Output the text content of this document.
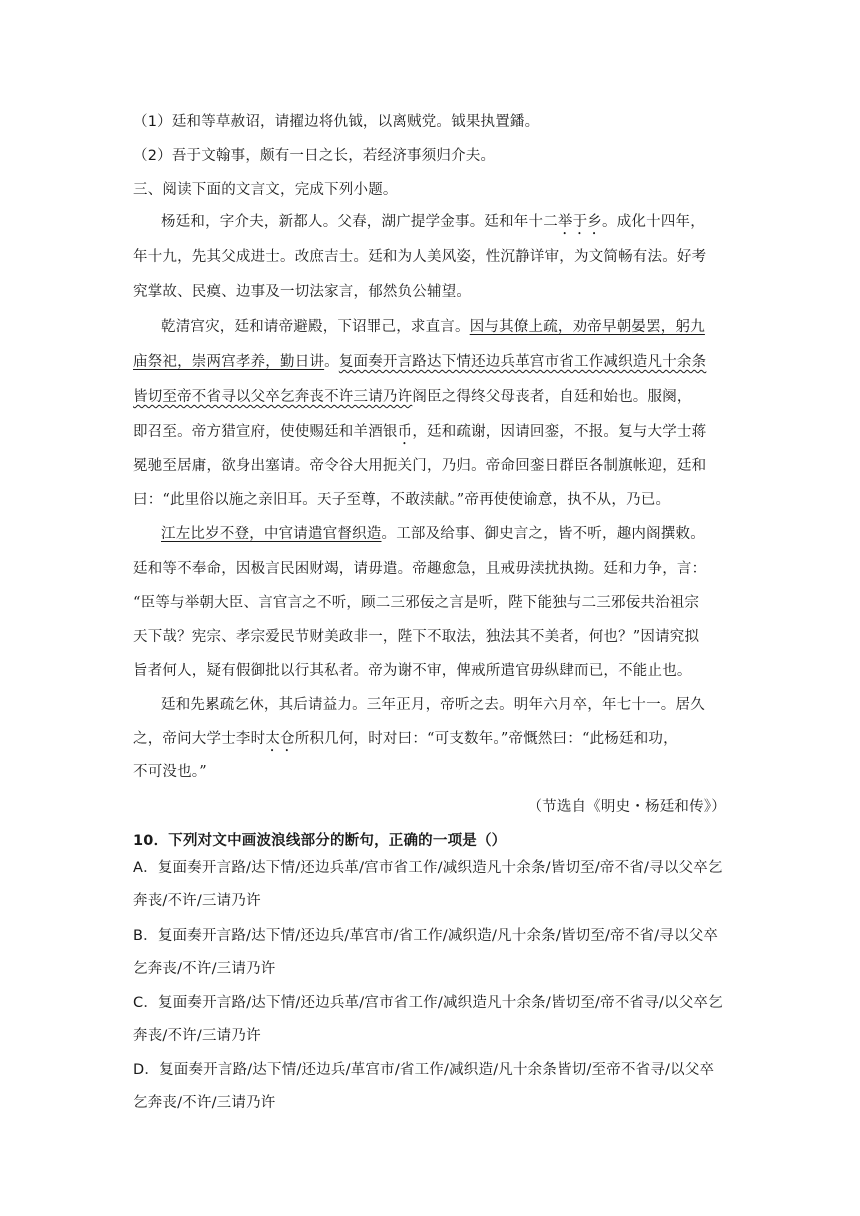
（1）廷和等草赦诏，请擢边将仇钺，以离贼党。钺果执置鐇。
（2）吾于文翰事，颇有一日之长，若经济事须归介夫。
三、阅读下面的文言文，完成下列小题。
杨廷和，字介夫，新都人。父春，湖广提学金事。廷和年十二举于乡。成化十四年，
年十九，先其父成进士。改庶吉士。廷和为人美风姿，性沉静详审，为文简畅有法。好考
究掌故、民瘼、边事及一切法家言，郁然负公辅望。
乾清宫灾，廷和请帝避殿，下诏罪己，求直言。因与其僚上疏，劝帝早朝晏罢，躬九
庙祭祀，崇两宫孝养，勤日讲。复面奏开言路达下情还边兵革宫市省工作减织造凡十余条
皆切至帝不省寻以父卒乞奔丧不许三请乃许阁臣之得终父母丧者，自廷和始也。服阕，
即召至。帝方猎宣府，使使赐廷和羊酒银币，廷和疏谢，因请回銮，不报。复与大学士蒋
冕驰至居庸，欲身出塞请。帝令谷大用扼关门，乃归。帝命回銮日群臣各制旗帐迎，廷和
曰：“此里俗以施之亲旧耳。天子至尊，不敢渎献。”帝再使使谕意，执不从，乃已。
江左比岁不登，中官请遣官督织造。工部及给事、御史言之，皆不听，趣内阁撰敕。
廷和等不奉命，因极言民困财竭，请毋遣。帝趣愈急，且戒毋渎扰执拗。廷和力争，言：
“臣等与举朝大臣、言官言之不听，顾二三邪佞之言是听，陛下能独与二三邪佞共治祖宗
天下哉？宪宗、孝宗爱民节财美政非一，陛下不取法，独法其不美者，何也？”因请究拟
旨者何人，疑有假御批以行其私者。帝为谢不审，俾戒所遣官毋纵肆而已，不能止也。
廷和先累疏乞休，其后请益力。三年正月，帝听之去。明年六月卒，年七十一。居久
之，帝问大学士李时太仓所积几何，时对曰：“可支数年。”帝慨然曰：“此杨廷和功，
不可没也。”
（节选自《明史・杨廷和传》）
10．下列对文中画波浪线部分的断句，正确的一项是（）
A．复面奏开言路/达下情/还边兵革/宫市省工作/减织造凡十余条/皆切至/帝不省/寻以父卒乞
奔丧/不许/三请乃许
B．复面奏开言路/达下情/还边兵/革宫市/省工作/减织造/凡十余条/皆切至/帝不省/寻以父卒
乞奔丧/不许/三请乃许
C．复面奏开言路/达下情/还边兵革/宫市省工作/减织造凡十余条/皆切至/帝不省寻/以父卒乞
奔丧/不许/三请乃许
D．复面奏开言路/达下情/还边兵/革宫市/省工作/减织造/凡十余条皆切/至帝不省寻/以父卒
乞奔丧/不许/三请乃许
